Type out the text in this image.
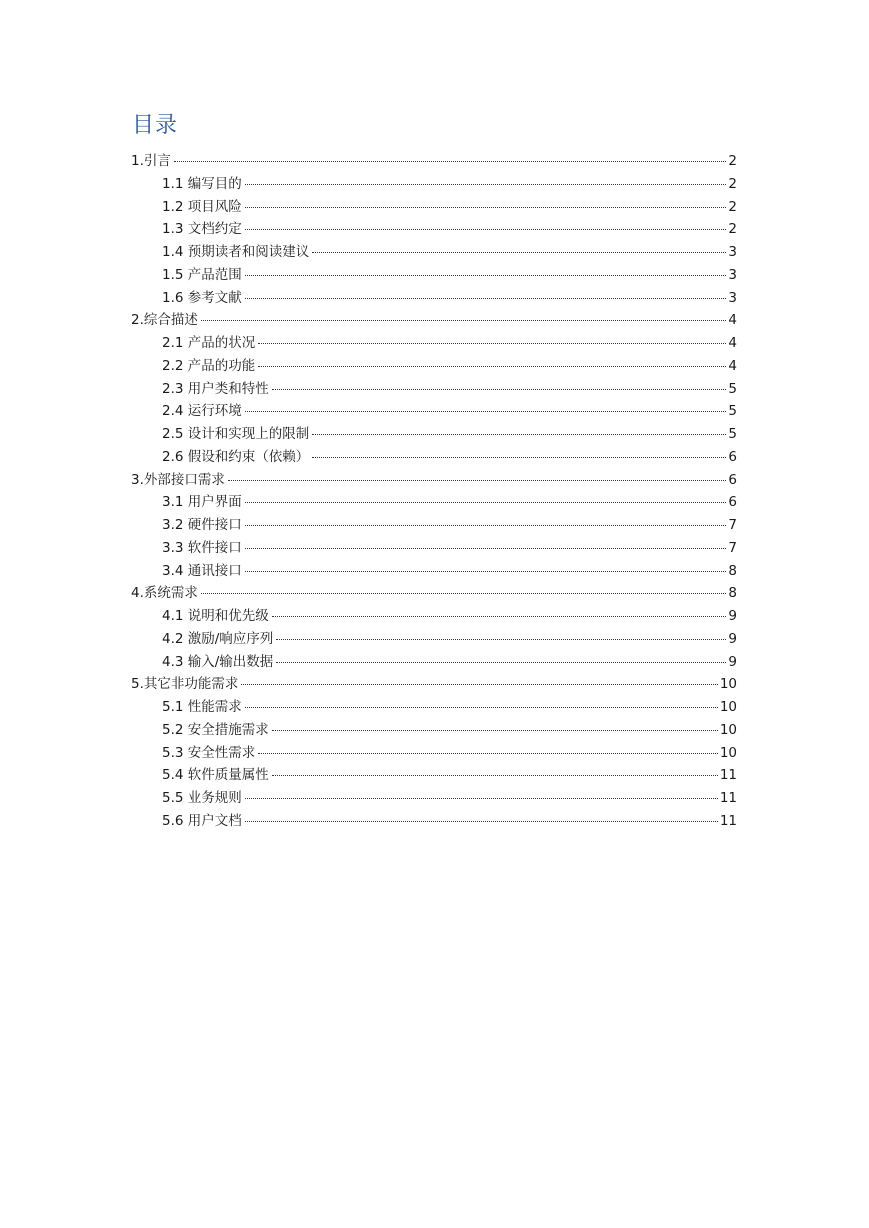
目录
1.引言	2
1.1 编写目的	2
1.2 项目风险	2
1.3 文档约定	2
1.4 预期读者和阅读建议	3
1.5 产品范围	3
1.6 参考文献	3
2.综合描述	4
2.1 产品的状况	4
2.2 产品的功能	4
2.3 用户类和特性	5
2.4 运行环境	5
2.5 设计和实现上的限制	5
2.6 假设和约束（依赖）	6
3.外部接口需求	6
3.1 用户界面	6
3.2 硬件接口	7
3.3 软件接口	7
3.4 通讯接口	8
4.系统需求	8
4.1 说明和优先级	9
4.2 激励/响应序列	9
4.3 输入/输出数据	9
5.其它非功能需求	10
5.1 性能需求	10
5.2 安全措施需求	10
5.3 安全性需求	10
5.4 软件质量属性	11
5.5 业务规则	11
5.6 用户文档	11
